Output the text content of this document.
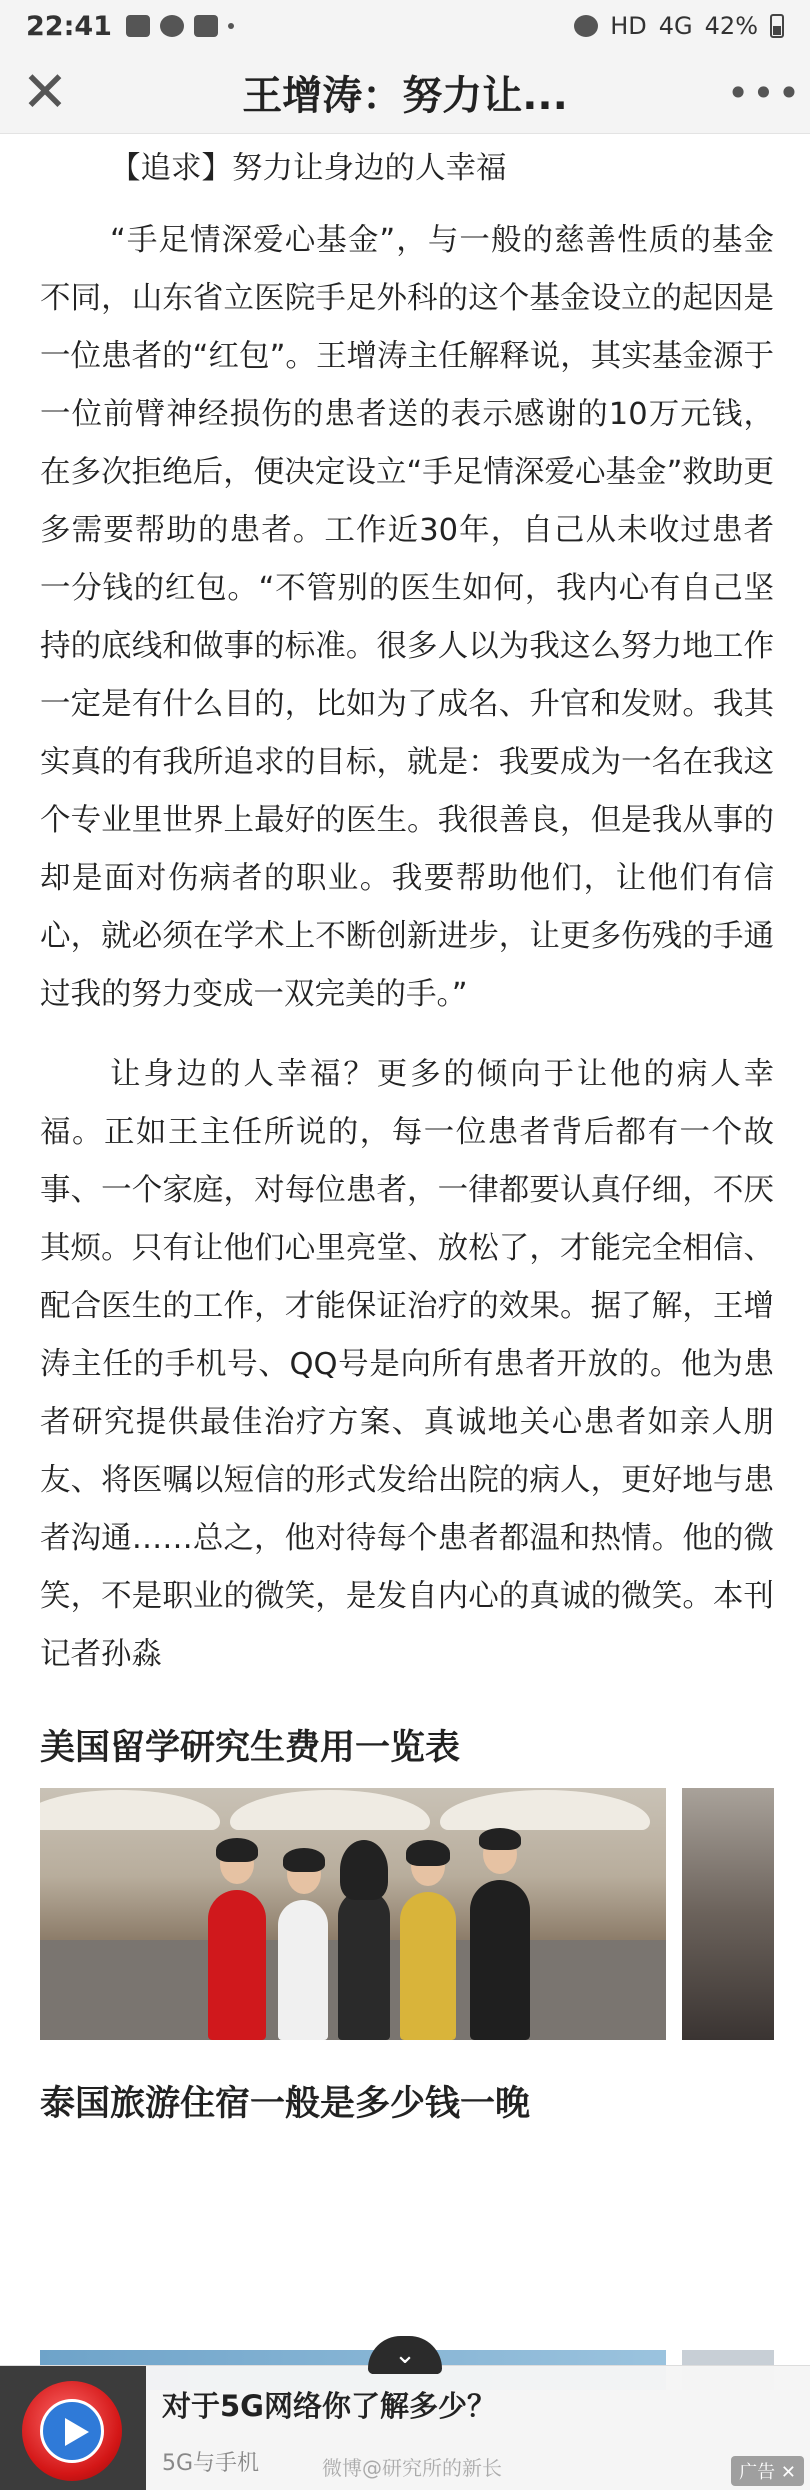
22:41	HD 4G 42%
✕	王增涛：努力让...	•••

【追求】努力让身边的人幸福

“手足情深爱心基金”，与一般的慈善性质的基金不同，山东省立医院手足外科的这个基金设立的起因是一位患者的“红包”。王增涛主任解释说，其实基金源于一位前臂神经损伤的患者送的表示感谢的10万元钱，在多次拒绝后，便决定设立“手足情深爱心基金”救助更多需要帮助的患者。工作近30年，自己从未收过患者一分钱的红包。“不管别的医生如何，我内心有自己坚持的底线和做事的标准。很多人以为我这么努力地工作一定是有什么目的，比如为了成名、升官和发财。我其实真的有我所追求的目标，就是：我要成为一名在我这个专业里世界上最好的医生。我很善良，但是我从事的却是面对伤病者的职业。我要帮助他们，让他们有信心，就必须在学术上不断创新进步，让更多伤残的手通过我的努力变成一双完美的手。”

让身边的人幸福？更多的倾向于让他的病人幸福。正如王主任所说的，每一位患者背后都有一个故事、一个家庭，对每位患者，一律都要认真仔细，不厌其烦。只有让他们心里亮堂、放松了，才能完全相信、配合医生的工作，才能保证治疗的效果。据了解，王增涛主任的手机号、QQ号是向所有患者开放的。他为患者研究提供最佳治疗方案、真诚地关心患者如亲人朋友、将医嘱以短信的形式发给出院的病人，更好地与患者沟通……总之，他对待每个患者都温和热情。他的微笑，不是职业的微笑，是发自内心的真诚的微笑。本刊记者孙淼

美国留学研究生费用一览表
泰国旅游住宿一般是多少钱一晚
对于5G网络你了解多少？
5G与手机	微博@研究所的新长	广告 ✕
⌄
